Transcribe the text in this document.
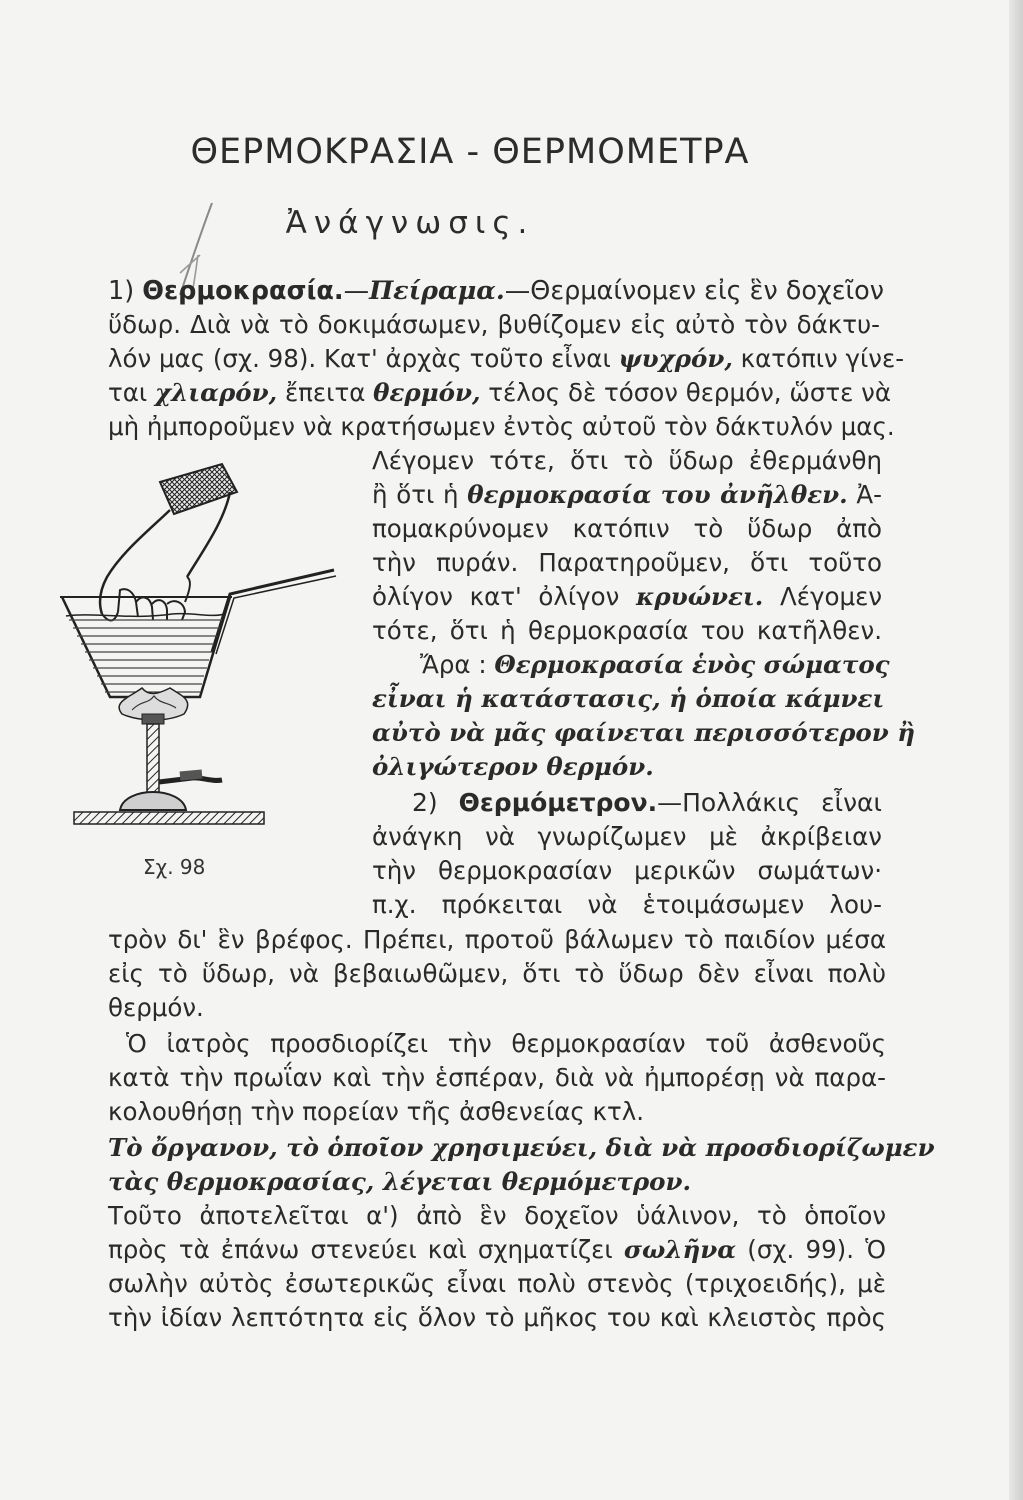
ΘΕΡΜΟΚΡΑΣΙΑ - ΘΕΡΜΟΜΕΤΡΑ
Ἀνάγνωσις.
1) Θερμοκρασία.—Πείραμα.—Θερμαίνομεν εἰς ἓν δοχεῖον
ὕδωρ. Διὰ νὰ τὸ δοκιμάσωμεν, βυθίζομεν εἰς αὐτὸ τὸν δάκτυ-
λόν μας (σχ. 98). Κατ' ἀρχὰς τοῦτο εἶναι ψυχρόν, κατόπιν γίνε-
ται χλιαρόν, ἔπειτα θερμόν, τέλος δὲ τόσον θερμόν, ὥστε νὰ
μὴ ἠμποροῦμεν νὰ κρατήσωμεν ἐντὸς αὐτοῦ τὸν δάκτυλόν μας.
Λέγομεν τότε, ὅτι τὸ ὕδωρ ἐθερμάνθη
ἢ ὅτι ἡ θερμοκρασία του ἀνῆλθεν. Ἀ-
πομακρύνομεν κατόπιν τὸ ὕδωρ ἀπὸ
τὴν πυράν. Παρατηροῦμεν, ὅτι τοῦτο
ὀλίγον κατ' ὀλίγον κρυώνει. Λέγομεν
τότε, ὅτι ἡ θερμοκρασία του κατῆλθεν.
Ἄρα : Θερμοκρασία ἑνὸς σώματος
εἶναι ἡ κατάστασις, ἡ ὁποία κάμνει
αὐτὸ νὰ μᾶς φαίνεται περισσότερον ἢ
ὀλιγώτερον θερμόν.
2) Θερμόμετρον.—Πολλάκις εἶναι
ἀνάγκη νὰ γνωρίζωμεν μὲ ἀκρίβειαν
τὴν θερμοκρασίαν μερικῶν σωμάτων·
π.χ. πρόκειται νὰ ἑτοιμάσωμεν λου-
τρὸν δι' ἓν βρέφος. Πρέπει, προτοῦ βάλωμεν τὸ παιδίον μέσα
εἰς τὸ ὕδωρ, νὰ βεβαιωθῶμεν, ὅτι τὸ ὕδωρ δὲν εἶναι πολὺ
θερμόν.
Ὁ ἰατρὸς προσδιορίζει τὴν θερμοκρασίαν τοῦ ἀσθενοῦς
κατὰ τὴν πρωΐαν καὶ τὴν ἑσπέραν, διὰ νὰ ἠμπορέσῃ νὰ παρα-
κολουθήσῃ τὴν πορείαν τῆς ἀσθενείας κτλ.
Τὸ ὄργανον, τὸ ὁποῖον χρησιμεύει, διὰ νὰ προσδιορίζωμεν
τὰς θερμοκρασίας, λέγεται θερμόμετρον.
Τοῦτο ἀποτελεῖται α') ἀπὸ ἓν δοχεῖον ὑάλινον, τὸ ὁποῖον
πρὸς τὰ ἐπάνω στενεύει καὶ σχηματίζει σωλῆνα (σχ. 99). Ὁ
σωλὴν αὐτὸς ἐσωτερικῶς εἶναι πολὺ στενὸς (τριχοειδής), μὲ
τὴν ἰδίαν λεπτότητα εἰς ὅλον τὸ μῆκος του καὶ κλειστὸς πρὸς
Σχ. 98
